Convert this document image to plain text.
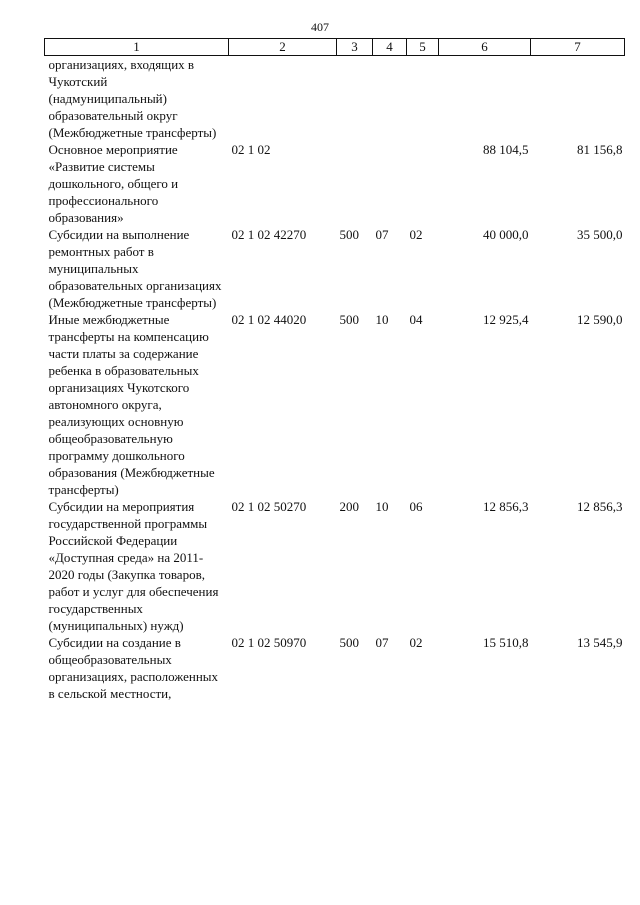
407
1	2	3	4	5	6	7
организациях, входящих в Чукотский (надмуниципальный) образовательный округ (Межбюджетные трансферты)						
Основное мероприятие «Развитие системы дошкольного, общего и профессионального образования»	02 1 02				88 104,5	81 156,8
Субсидии на выполнение ремонтных работ в муниципальных образовательных организациях (Межбюджетные трансферты)	02 1 02 42270	500	07	02	40 000,0	35 500,0
Иные межбюджетные трансферты на компенсацию части платы за содержание ребенка в образовательных организациях Чукотского автономного округа, реализующих основную общеобразовательную программу дошкольного образования (Межбюджетные трансферты)	02 1 02 44020	500	10	04	12 925,4	12 590,0
Субсидии на мероприятия государственной программы Российской Федерации «Доступная среда» на 2011-2020 годы (Закупка товаров, работ и услуг для обеспечения государственных (муниципальных) нужд)	02 1 02 50270	200	10	06	12 856,3	12 856,3
Субсидии на создание в общеобразовательных организациях, расположенных в сельской местности,	02 1 02 50970	500	07	02	15 510,8	13 545,9
